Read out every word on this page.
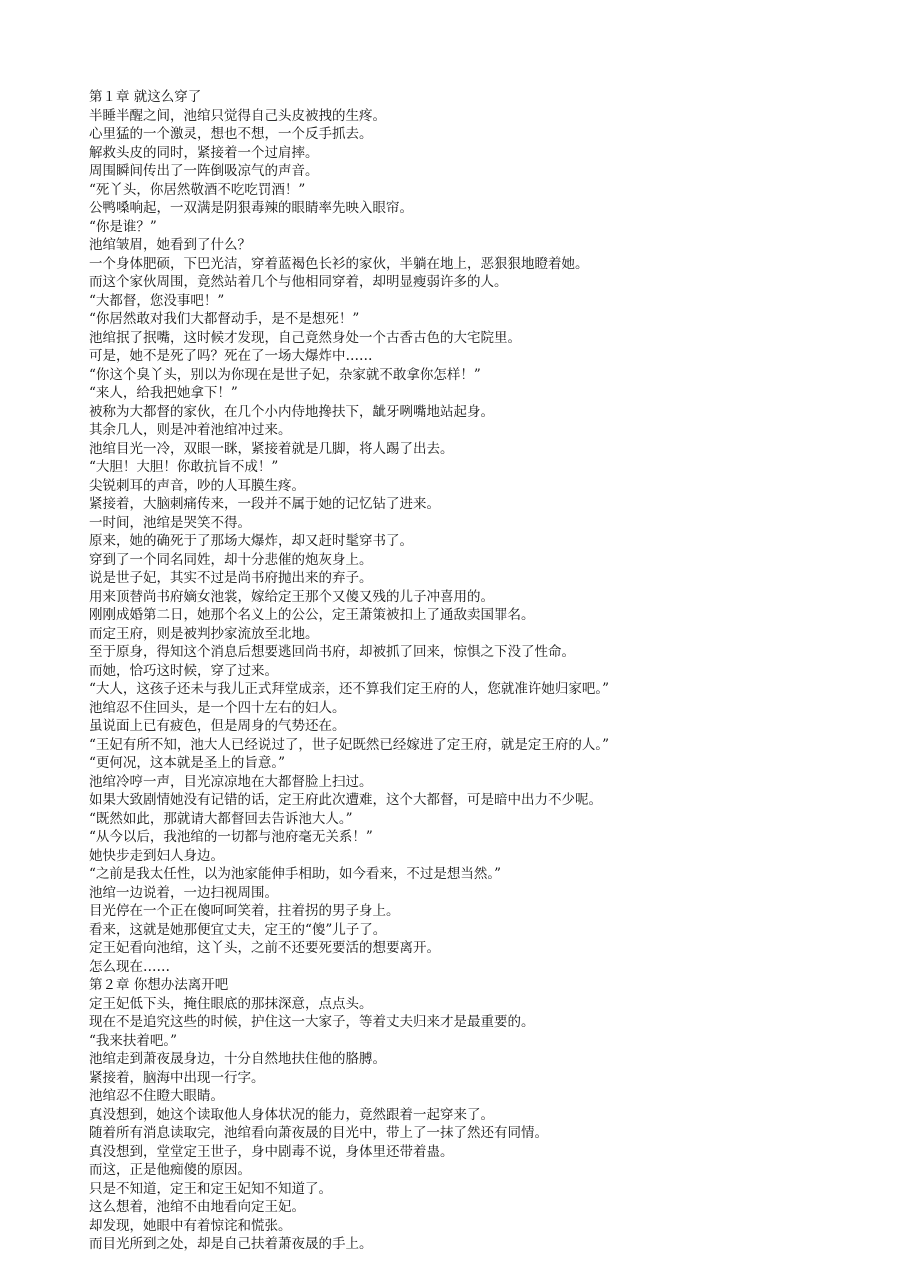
第１章 就这么穿了
半睡半醒之间，池绾只觉得自己头皮被拽的生疼。
心里猛的一个激灵，想也不想，一个反手抓去。
解救头皮的同时，紧接着一个过肩摔。
周围瞬间传出了一阵倒吸凉气的声音。
“死丫头，你居然敬酒不吃吃罚酒！”
公鸭嗓响起，一双满是阴狠毒辣的眼睛率先映入眼帘。
“你是谁？”
池绾皱眉，她看到了什么？
一个身体肥硕，下巴光洁，穿着蓝褐色长衫的家伙，半躺在地上，恶狠狠地瞪着她。
而这个家伙周围，竟然站着几个与他相同穿着，却明显瘦弱许多的人。
“大都督，您没事吧！”
“你居然敢对我们大都督动手，是不是想死！”
池绾抿了抿嘴，这时候才发现，自己竟然身处一个古香古色的大宅院里。
可是，她不是死了吗？死在了一场大爆炸中……
“你这个臭丫头，别以为你现在是世子妃，杂家就不敢拿你怎样！”
“来人，给我把她拿下！”
被称为大都督的家伙，在几个小内侍地搀扶下，龇牙咧嘴地站起身。
其余几人，则是冲着池绾冲过来。
池绾目光一冷，双眼一眯，紧接着就是几脚，将人踢了出去。
“大胆！大胆！你敢抗旨不成！”
尖锐刺耳的声音，吵的人耳膜生疼。
紧接着，大脑刺痛传来，一段并不属于她的记忆钻了进来。
一时间，池绾是哭笑不得。
原来，她的确死于了那场大爆炸，却又赶时髦穿书了。
穿到了一个同名同姓，却十分悲催的炮灰身上。
说是世子妃，其实不过是尚书府抛出来的弃子。
用来顶替尚书府嫡女池裳，嫁给定王那个又傻又残的儿子冲喜用的。
刚刚成婚第二日，她那个名义上的公公，定王萧策被扣上了通敌卖国罪名。
而定王府，则是被判抄家流放至北地。
至于原身，得知这个消息后想要逃回尚书府，却被抓了回来，惊惧之下没了性命。
而她，恰巧这时候，穿了过来。
“大人，这孩子还未与我儿正式拜堂成亲，还不算我们定王府的人，您就准许她归家吧。”
池绾忍不住回头，是一个四十左右的妇人。
虽说面上已有疲色，但是周身的气势还在。
“王妃有所不知，池大人已经说过了，世子妃既然已经嫁进了定王府，就是定王府的人。”
“更何况，这本就是圣上的旨意。”
池绾冷哼一声，目光凉凉地在大都督脸上扫过。
如果大致剧情她没有记错的话，定王府此次遭难，这个大都督，可是暗中出力不少呢。
“既然如此，那就请大都督回去告诉池大人。”
“从今以后，我池绾的一切都与池府毫无关系！”
她快步走到妇人身边。
“之前是我太任性，以为池家能伸手相助，如今看来，不过是想当然。”
池绾一边说着，一边扫视周围。
目光停在一个正在傻呵呵笑着，拄着拐的男子身上。
看来，这就是她那便宜丈夫，定王的“傻”儿子了。
定王妃看向池绾，这丫头，之前不还要死要活的想要离开。
怎么现在……
第２章 你想办法离开吧
定王妃低下头，掩住眼底的那抹深意，点点头。
现在不是追究这些的时候，护住这一大家子，等着丈夫归来才是最重要的。
“我来扶着吧。”
池绾走到萧夜晟身边，十分自然地扶住他的胳膊。
紧接着，脑海中出现一行字。
池绾忍不住瞪大眼睛。
真没想到，她这个读取他人身体状况的能力，竟然跟着一起穿来了。
随着所有消息读取完，池绾看向萧夜晟的目光中，带上了一抹了然还有同情。
真没想到，堂堂定王世子，身中剧毒不说，身体里还带着蛊。
而这，正是他痴傻的原因。
只是不知道，定王和定王妃知不知道了。
这么想着，池绾不由地看向定王妃。
却发现，她眼中有着惊诧和慌张。
而目光所到之处，却是自己扶着萧夜晟的手上。
